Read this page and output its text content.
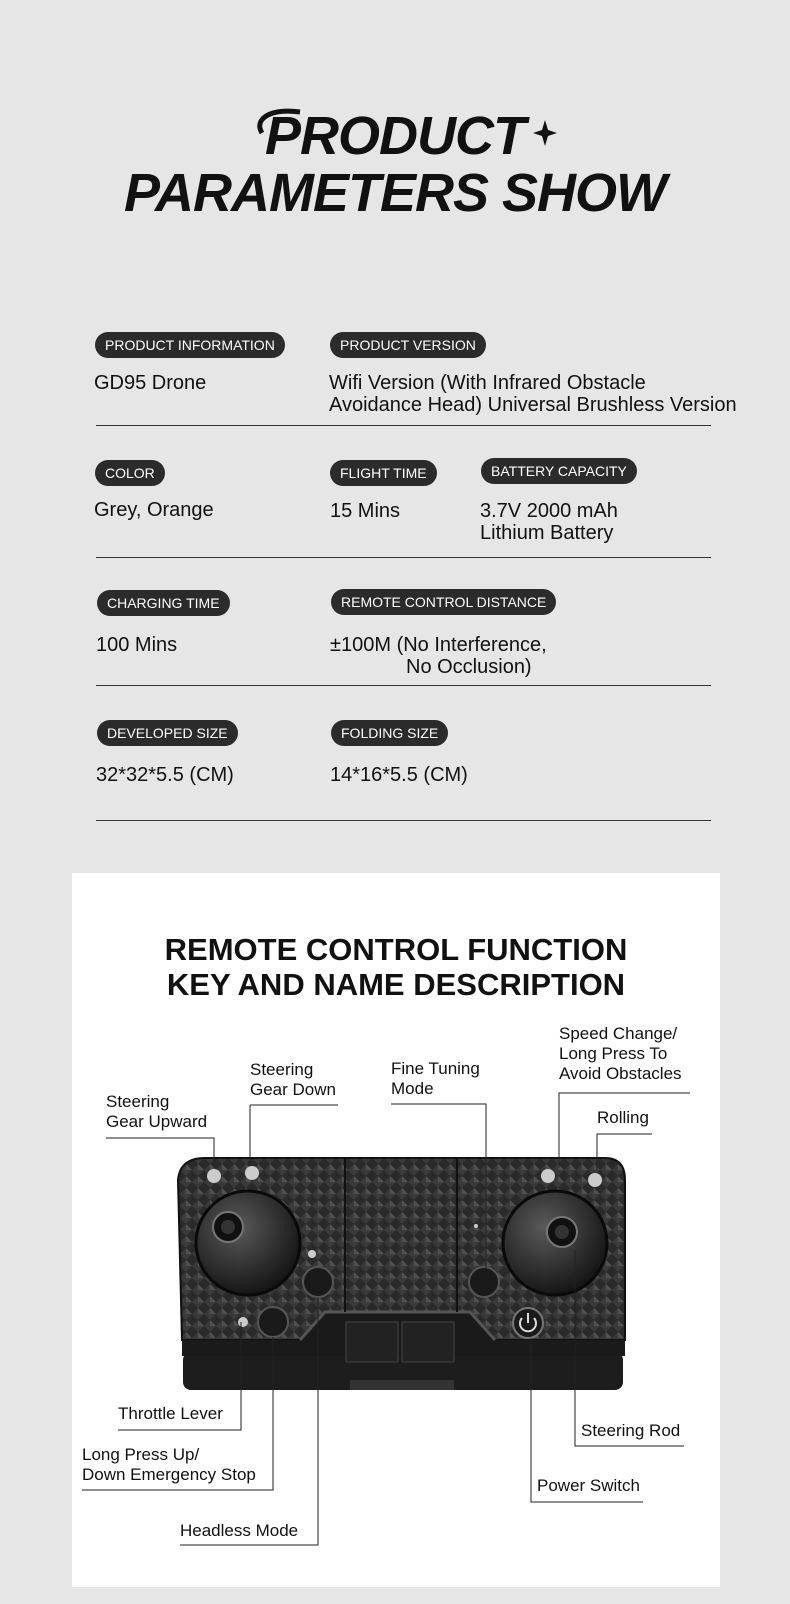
PRODUCT
PARAMETERS SHOW
PRODUCT INFORMATION
GD95 Drone
PRODUCT VERSION
Wifi Version (With Infrared Obstacle
Avoidance Head) Universal Brushless Version
COLOR
Grey, Orange
FLIGHT TIME
15 Mins
BATTERY CAPACITY
3.7V 2000 mAh
Lithium Battery
CHARGING TIME
100 Mins
REMOTE CONTROL DISTANCE
±100M (No Interference,
No Occlusion)
DEVELOPED SIZE
32*32*5.5 (CM)
FOLDING SIZE
14*16*5.5 (CM)
REMOTE CONTROL FUNCTION
KEY AND NAME DESCRIPTION
Steering
Gear Upward
Steering
Gear Down
Fine Tuning
Mode
Speed Change/
Long Press To
Avoid Obstacles
Rolling
Throttle Lever
Long Press Up/
Down Emergency Stop
Headless Mode
Steering Rod
Power Switch
